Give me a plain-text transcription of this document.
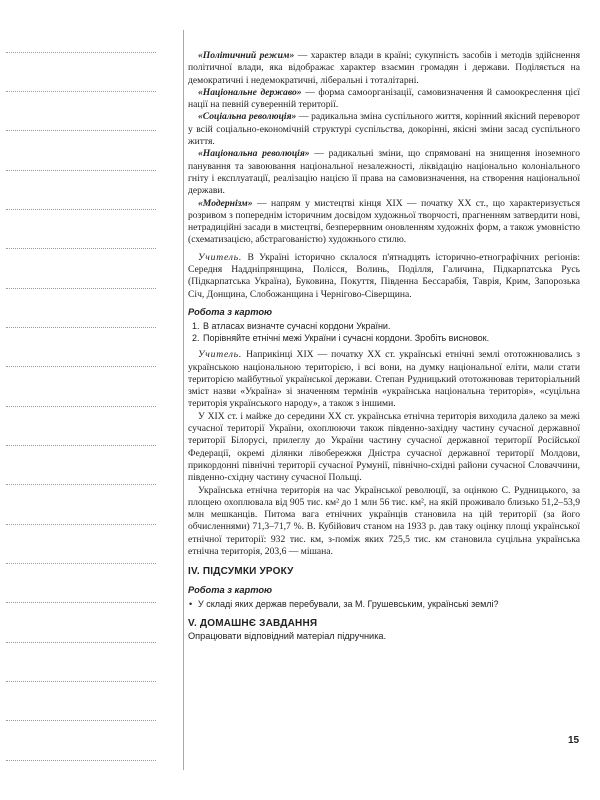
«Політичний режим» — характер влади в країні; сукупність засобів і методів здійснення політичної влади, яка відображає характер взаємин громадян і держави. Поділяється на демократичні і недемократичні, ліберальні і тоталітарні.

«Національне державо» — форма самоорганізації, самовизначення й самоокреслення цієї нації на певній суверенній території.

«Соціальна революція» — радикальна зміна суспільного життя, корінний якісний переворот у всій соціально-економічній структурі суспільства, докорінні, якісні зміни засад суспільного життя.

«Національна революція» — радикальні зміни, що спрямовані на знищення іноземного панування та завоювання національної незалежності, ліквідацію національно колоніального гніту і експлуатації, реалізацію нацією її права на самовизначення, на створення національної держави.

«Модернізм» — напрям у мистецтві кінця XIX — початку XX ст., що характеризується розривом з попереднім історичним досвідом художньої творчості, прагненням затвердити нові, нетрадиційні засади в мистецтві, безперервним оновленням художніх форм, а також умовністю (схематизацією, абстрагованістю) художнього стилю.

Учитель. В Україні історично склалося п'ятнадцять історично-етнографічних регіонів: Середня Наддніпрянщина, Полісся, Волинь, Поділля, Галичина, Підкарпатська Русь (Підкарпатська Україна), Буковина, Покуття, Південна Бессарабія, Таврія, Крим, Запорозька Січ, Донщина, Слобожанщина і Чернігово-Сіверщина.

Робота з картою
1. В атласах визначте сучасні кордони України.
2. Порівняйте етнічні межі України і сучасні кордони. Зробіть висновок.

Учитель. Наприкінці XIX — початку XX ст. українські етнічні землі ототожнювались з українською національною територією, і всі вони, на думку національної еліти, мали стати територією майбутньої української держави. Степан Рудницький ототожнював територіальний зміст назви «Україна» зі значенням термінів «українська національна територія», «суцільна територія українського народу», а також з іншими.

У XIX ст. і майже до середини XX ст. українська етнічна територія виходила далеко за межі сучасної території України, охоплюючи також південно-західну частину сучасної державної території Білорусі, прилеглу до України частину сучасної державної території Російської Федерації, окремі ділянки лівобережжя Дністра сучасної державної території Молдови, прикордонні північні території сучасної Румунії, північно-східні райони сучасної Словаччини, південно-східну частину сучасної Польщі.

Українська етнічна територія на час Української революції, за оцінкою С. Рудницького, за площею охоплювала від 905 тис. км² до 1 млн 56 тис. км², на якій проживало близько 51,2–53,9 млн мешканців. Питома вага етнічних українців становила на цій території (за його обчисленнями) 71,3–71,7 %. В. Кубійович станом на 1933 р. дав таку оцінку площі української етнічної території: 932 тис. км, з-поміж яких 725,5 тис. км становила суцільна українська етнічна територія, 203,6 — мішана.

IV. ПІДСУМКИ УРОКУ
Робота з картою
• У складі яких держав перебували, за М. Грушевським, українські землі?
V. ДОМАШНЄ ЗАВДАННЯ

Опрацювати відповідний матеріал підручника.

15
